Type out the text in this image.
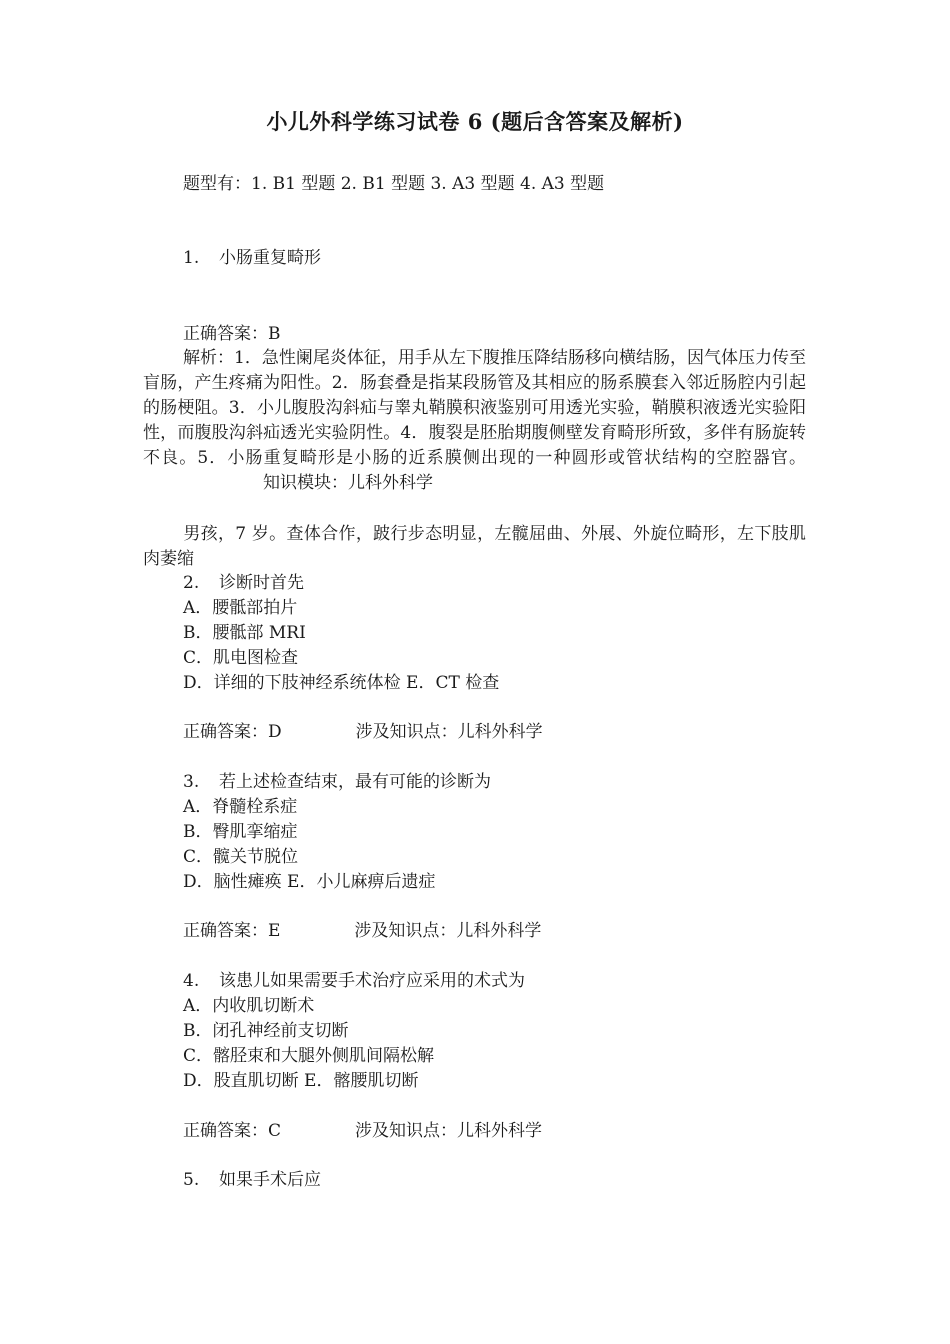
小儿外科学练习试卷 6 (题后含答案及解析)
题型有：1. B1 型题 2. B1 型题 3. A3 型题 4. A3 型题
1. 小肠重复畸形
正确答案：B
解析：1．急性阑尾炎体征，用手从左下腹推压降结肠移向横结肠，因气体压力传至盲肠，产生疼痛为阳性。2．肠套叠是指某段肠管及其相应的肠系膜套入邻近肠腔内引起的肠梗阻。3．小儿腹股沟斜疝与睾丸鞘膜积液鉴别可用透光实验，鞘膜积液透光实验阳性，而腹股沟斜疝透光实验阴性。4．腹裂是胚胎期腹侧壁发育畸形所致，多伴有肠旋转不良。5．小肠重复畸形是小肠的近系膜侧出现的一种圆形或管状结构的空腔器官。知识模块：儿科外科学
男孩，7 岁。查体合作，跛行步态明显，左髋屈曲、外展、外旋位畸形，左下肢肌肉萎缩
2. 诊断时首先
A．腰骶部拍片
B．腰骶部 MRI
C．肌电图检查
D．详细的下肢神经系统体检 E．CT 检查
正确答案：D	涉及知识点：儿科外科学
3. 若上述检查结束，最有可能的诊断为
A．脊髓栓系症
B．臀肌挛缩症
C．髋关节脱位
D．脑性瘫痪 E．小儿麻痹后遗症
正确答案：E	涉及知识点：儿科外科学
4. 该患儿如果需要手术治疗应采用的术式为
A．内收肌切断术
B．闭孔神经前支切断
C．髂胫束和大腿外侧肌间隔松解
D．股直肌切断 E．髂腰肌切断
正确答案：C	涉及知识点：儿科外科学
5. 如果手术后应
